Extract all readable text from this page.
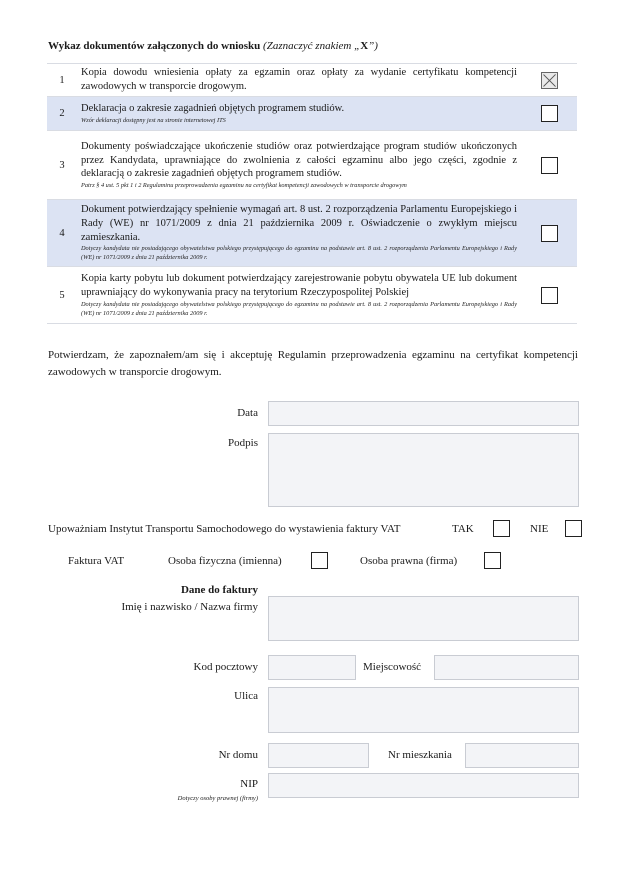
Wykaz dokumentów załączonych do wniosku (Zaznaczyć znakiem „X”)
1	Kopia dowodu wniesienia opłaty za egzamin oraz opłaty za wydanie certyfikatu kompetencji zawodowych w transporcie drogowym.	

2	Deklaracja o zakresie zagadnień objętych programem studiów.
Wzór deklaracji dostępny jest na stronie internetowej ITS	

3	Dokumenty poświadczające ukończenie studiów oraz potwierdzające program studiów ukończonych przez Kandydata, uprawniające do zwolnienia z całości egzaminu albo jego części, zgodnie z deklaracją o zakresie zagadnień objętych programem studiów.
Patrz § 4 ust. 5 pkt 1 i 2 Regulaminu przeprowadzenia egzaminu na certyfikat kompetencji zawodowych w transporcie drogowym	

4	Dokument potwierdzający spełnienie wymagań art. 8 ust. 2 rozporządzenia Parlamentu Europejskiego i Rady (WE) nr 1071/2009 z dnia 21 października 2009 r. Oświadczenie o zwykłym miejscu zamieszkania.
Dotyczy kandydata nie posiadającego obywatelstwa polskiego przystępującego do egzaminu na podstawie art. 8 ust. 2 rozporządzenia Parlamentu Europejskiego i Rady (WE) nr 1071/2009 z dnia 21 października 2009 r.	

5	Kopia karty pobytu lub dokument potwierdzający zarejestrowanie pobytu obywatela UE lub dokument uprawniający do wykonywania pracy na terytorium Rzeczypospolitej Polskiej
Dotyczy kandydata nie posiadającego obywatelstwa polskiego przystępującego do egzaminu na podstawie art. 8 ust. 2 rozporządzenia Parlamentu Europejskiego i Rady (WE) nr 1071/2009 z dnia 21 października 2009 r.	

Potwierdzam, że zapoznałem/am się i akceptuję Regulamin przeprowadzenia egzaminu na certyfikat kompetencji zawodowych w transporcie drogowym.
Data
Podpis
Upoważniam Instytut Transportu Samochodowego do wystawienia faktury VAT	TAK	NIE
Faktura VAT	Osoba fizyczna (imienna)	Osoba prawna (firma)
Dane do faktury
Imię i nazwisko / Nazwa firmy
Kod pocztowy	Miejscowość
Ulica
Nr domu	Nr mieszkania
NIP
Dotyczy osoby prawnej (firmy)
